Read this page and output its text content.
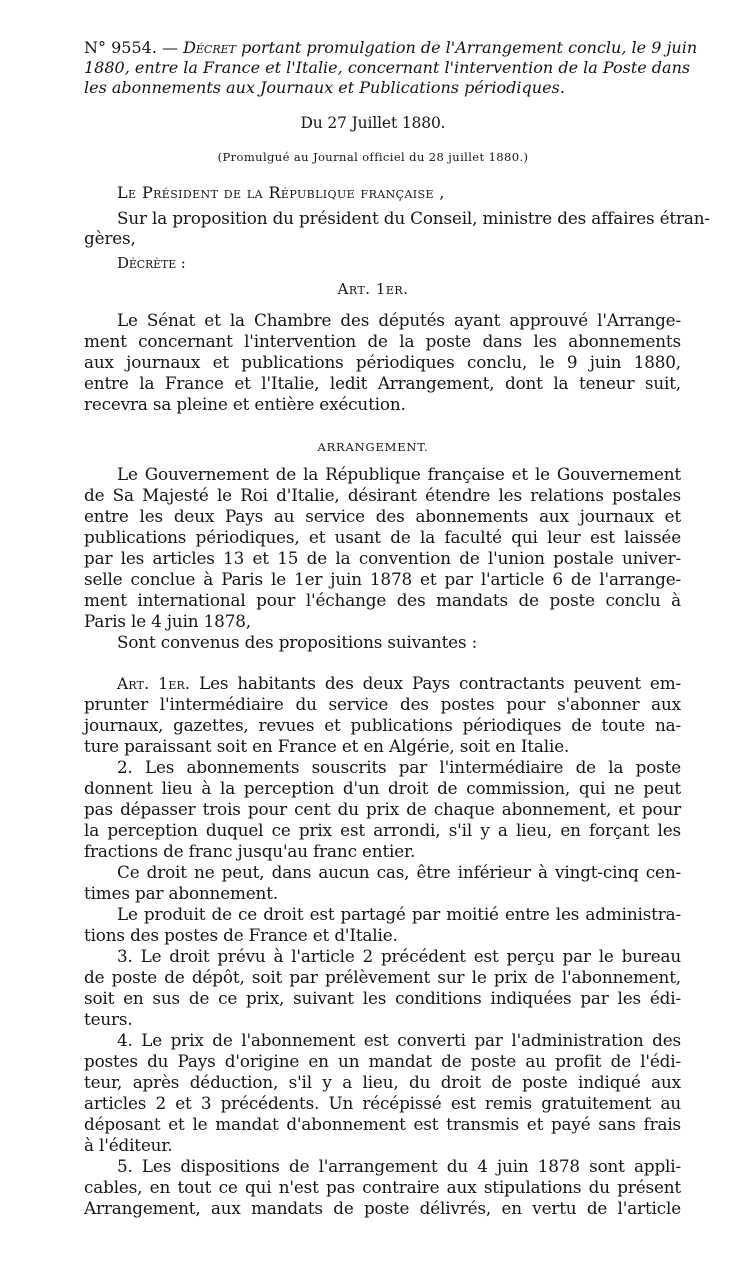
N° 9554. — Décret portant promulgation de l'Arrangement conclu, le 9 juin
1880, entre la France et l'Italie, concernant l'intervention de la Poste dans
les abonnements aux Journaux et Publications périodiques.
Du 27 Juillet 1880.
(Promulgué au Journal officiel du 28 juillet 1880.)
Le Président de la République française ,
Sur la proposition du président du Conseil, ministre des affaires étran-
gères,
Décrète :
Art. 1er.
Le Sénat et la Chambre des députés ayant approuvé l'Arrange-
ment concernant l'intervention de la poste dans les abonnements
aux journaux et publications périodiques conclu, le 9 juin 1880,
entre la France et l'Italie, ledit Arrangement, dont la teneur suit,
recevra sa pleine et entière exécution.
ARRANGEMENT.
Le Gouvernement de la République française et le Gouvernement
de Sa Majesté le Roi d'Italie, désirant étendre les relations postales
entre les deux Pays au service des abonnements aux journaux et
publications périodiques, et usant de la faculté qui leur est laissée
par les articles 13 et 15 de la convention de l'union postale univer-
selle conclue à Paris le 1er juin 1878 et par l'article 6 de l'arrange-
ment international pour l'échange des mandats de poste conclu à
Paris le 4 juin 1878,
Sont convenus des propositions suivantes :
Art. 1er. Les habitants des deux Pays contractants peuvent em-
prunter l'intermédiaire du service des postes pour s'abonner aux
journaux, gazettes, revues et publications périodiques de toute na-
ture paraissant soit en France et en Algérie, soit en Italie.
2. Les abonnements souscrits par l'intermédiaire de la poste
donnent lieu à la perception d'un droit de commission, qui ne peut
pas dépasser trois pour cent du prix de chaque abonnement, et pour
la perception duquel ce prix est arrondi, s'il y a lieu, en forçant les
fractions de franc jusqu'au franc entier.
Ce droit ne peut, dans aucun cas, être inférieur à vingt-cinq cen-
times par abonnement.
Le produit de ce droit est partagé par moitié entre les administra-
tions des postes de France et d'Italie.
3. Le droit prévu à l'article 2 précédent est perçu par le bureau
de poste de dépôt, soit par prélèvement sur le prix de l'abonnement,
soit en sus de ce prix, suivant les conditions indiquées par les édi-
teurs.
4. Le prix de l'abonnement est converti par l'administration des
postes du Pays d'origine en un mandat de poste au profit de l'édi-
teur, après déduction, s'il y a lieu, du droit de poste indiqué aux
articles 2 et 3 précédents. Un récépissé est remis gratuitement au
déposant et le mandat d'abonnement est transmis et payé sans frais
à l'éditeur.
5. Les dispositions de l'arrangement du 4 juin 1878 sont appli-
cables, en tout ce qui n'est pas contraire aux stipulations du présent
Arrangement, aux mandats de poste délivrés, en vertu de l'article
